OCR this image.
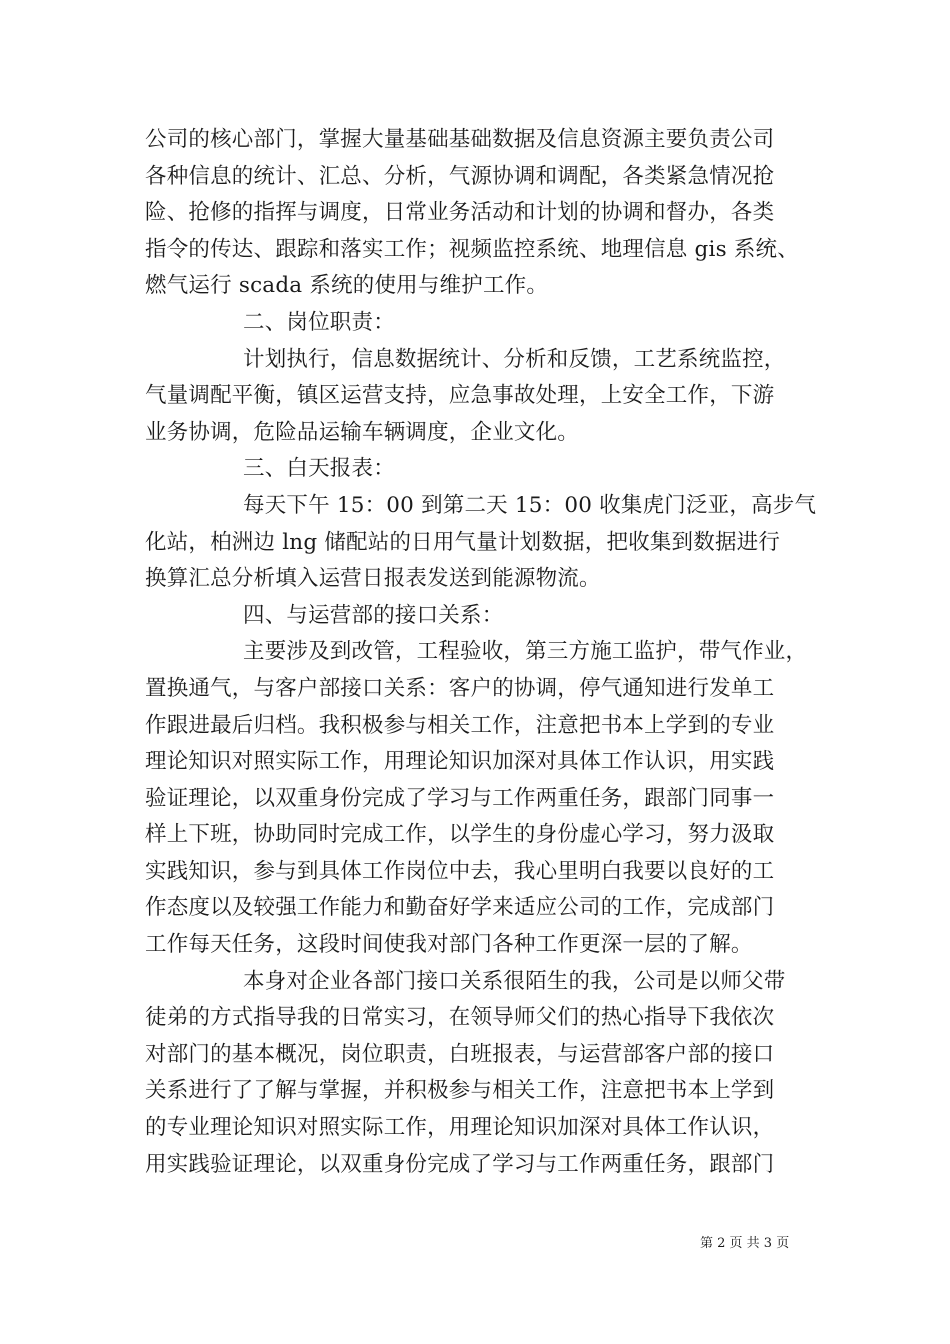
公司的核心部门，掌握大量基础基础数据及信息资源主要负责公司
各种信息的统计、汇总、分析，气源协调和调配，各类紧急情况抢
险、抢修的指挥与调度，日常业务活动和计划的协调和督办，各类
指令的传达、跟踪和落实工作；视频监控系统、地理信息 gis 系统、
燃气运行 scada 系统的使用与维护工作。
二、岗位职责：
计划执行，信息数据统计、分析和反馈，工艺系统监控，
气量调配平衡，镇区运营支持，应急事故处理，上安全工作，下游
业务协调，危险品运输车辆调度，企业文化。
三、白天报表：
每天下午 15：00 到第二天 15：00 收集虎门泛亚，高步气
化站，柏洲边 lng 储配站的日用气量计划数据，把收集到数据进行
换算汇总分析填入运营日报表发送到能源物流。
四、与运营部的接口关系：
主要涉及到改管，工程验收，第三方施工监护，带气作业，
置换通气，与客户部接口关系：客户的协调，停气通知进行发单工
作跟进最后归档。我积极参与相关工作，注意把书本上学到的专业
理论知识对照实际工作，用理论知识加深对具体工作认识，用实践
验证理论，以双重身份完成了学习与工作两重任务，跟部门同事一
样上下班，协助同时完成工作，以学生的身份虚心学习，努力汲取
实践知识，参与到具体工作岗位中去，我心里明白我要以良好的工
作态度以及较强工作能力和勤奋好学来适应公司的工作，完成部门
工作每天任务，这段时间使我对部门各种工作更深一层的了解。
本身对企业各部门接口关系很陌生的我，公司是以师父带
徒弟的方式指导我的日常实习，在领导师父们的热心指导下我依次
对部门的基本概况，岗位职责，白班报表，与运营部客户部的接口
关系进行了了解与掌握，并积极参与相关工作，注意把书本上学到
的专业理论知识对照实际工作，用理论知识加深对具体工作认识，
用实践验证理论，以双重身份完成了学习与工作两重任务，跟部门
第 2 页 共 3 页
